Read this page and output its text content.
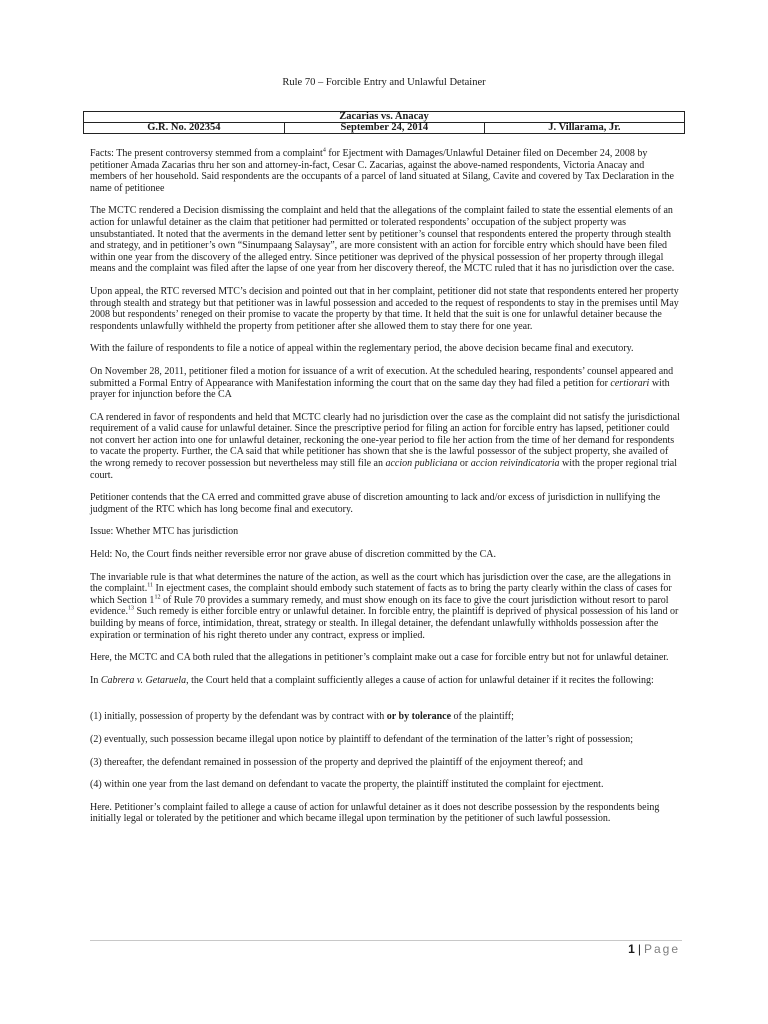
Rule 70 – Forcible Entry and Unlawful Detainer
Zacarias vs. Anacay
G.R. No. 202354	September 24, 2014	J. Villarama, Jr.

Facts: The present controversy stemmed from a complaint$^4$ for Ejectment with Damages/Unlawful Detainer filed on December 24, 2008 by petitioner Amada Zacarias thru her son and attorney-in-fact, Cesar C. Zacarias, against the above-named respondents, Victoria Anacay and members of her household. Said respondents are the occupants of a parcel of land situated at Silang, Cavite and covered by Tax Declaration in the name of petitionee

The MCTC rendered a Decision dismissing the complaint and held that the allegations of the complaint failed to state the essential elements of an action for unlawful detainer as the claim that petitioner had permitted or tolerated respondents’ occupation of the subject property was unsubstantiated. It noted that the averments in the demand letter sent by petitioner’s counsel that respondents entered the property through stealth and strategy, and in petitioner’s own “Sinumpaang Salaysay”, are more consistent with an action for forcible entry which should have been filed within one year from the discovery of the alleged entry. Since petitioner was deprived of the physical possession of her property through illegal means and the complaint was filed after the lapse of one year from her discovery thereof, the MCTC ruled that it has no jurisdiction over the case.

Upon appeal, the RTC reversed MTC’s decision and pointed out that in her complaint, petitioner did not state that respondents entered her property through stealth and strategy but that petitioner was in lawful possession and acceded to the request of respondents to stay in the premises until May 2008 but respondents’ reneged on their promise to vacate the property by that time. It held that the suit is one for unlawful detainer because the respondents unlawfully withheld the property from petitioner after she allowed them to stay there for one year.

With the failure of respondents to file a notice of appeal within the reglementary period, the above decision became final and executory.

On November 28, 2011, petitioner filed a motion for issuance of a writ of execution. At the scheduled hearing, respondents’ counsel appeared and submitted a Formal Entry of Appearance with Manifestation informing the court that on the same day they had filed a petition for certiorari with prayer for injunction before the CA

CA rendered in favor of respondents and held that MCTC clearly had no jurisdiction over the case as the complaint did not satisfy the jurisdictional requirement of a valid cause for unlawful detainer. Since the prescriptive period for filing an action for forcible entry has lapsed, petitioner could not convert her action into one for unlawful detainer, reckoning the one-year period to file her action from the time of her demand for respondents to vacate the property. Further, the CA said that while petitioner has shown that she is the lawful possessor of the subject property, she availed of the wrong remedy to recover possession but nevertheless may still file an accion publiciana or accion reivindicatoria with the proper regional trial court.

Petitioner contends that the CA erred and committed grave abuse of discretion amounting to lack and/or excess of jurisdiction in nullifying the judgment of the RTC which has long become final and executory.

Issue: Whether MTC has jurisdiction

Held: No, the Court finds neither reversible error nor grave abuse of discretion committed by the CA.

The invariable rule is that what determines the nature of the action, as well as the court which has jurisdiction over the case, are the allegations in the complaint.$^{11}$ In ejectment cases, the complaint should embody such statement of facts as to bring the party clearly within the class of cases for which Section $1^{12}$ of Rule 70 provides a summary remedy, and must show enough on its face to give the court jurisdiction without resort to parol evidence.$^{13}$ Such remedy is either forcible entry or unlawful detainer. In forcible entry, the plaintiff is deprived of physical possession of his land or building by means of force, intimidation, threat, strategy or stealth. In illegal detainer, the defendant unlawfully withholds possession after the expiration or termination of his right thereto under any contract, express or implied.

Here, the MCTC and CA both ruled that the allegations in petitioner’s complaint make out a case for forcible entry but not for unlawful detainer.

In Cabrera v. Getaruela, the Court held that a complaint sufficiently alleges a cause of action for unlawful detainer if it recites the following:

(1) initially, possession of property by the defendant was by contract with or by tolerance of the plaintiff;

(2) eventually, such possession became illegal upon notice by plaintiff to defendant of the termination of the latter’s right of possession;

(3) thereafter, the defendant remained in possession of the property and deprived the plaintiff of the enjoyment thereof; and

(4) within one year from the last demand on defendant to vacate the property, the plaintiff instituted the complaint for ejectment.

Here. Petitioner’s complaint failed to allege a cause of action for unlawful detainer as it does not describe possession by the respondents being initially legal or tolerated by the petitioner and which became illegal upon termination by the petitioner of such lawful possession.

1 | Page
